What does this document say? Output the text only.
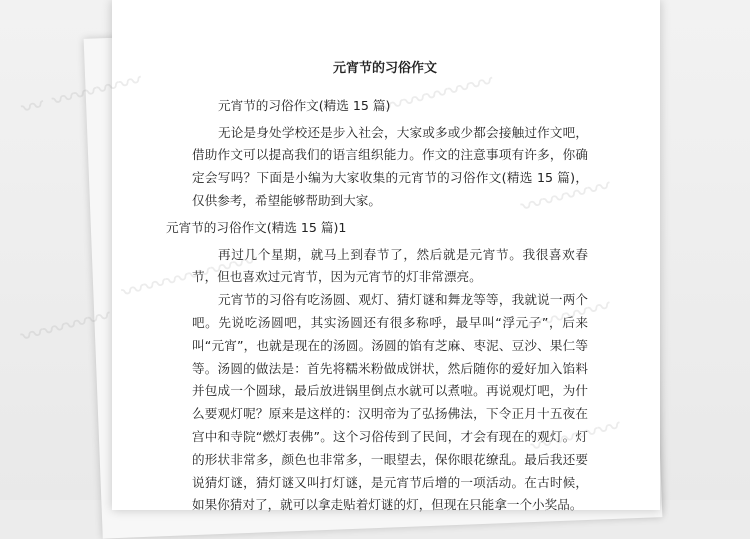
元宵节的习俗作文
元宵节的习俗作文(精选 15 篇)

无论是身处学校还是步入社会，大家或多或少都会接触过作文吧，借助作文可以提高我们的语言组织能力。作文的注意事项有许多，你确定会写吗？下面是小编为大家收集的元宵节的习俗作文(精选 15 篇)，仅供参考，希望能够帮助到大家。

元宵节的习俗作文(精选 15 篇)1

再过几个星期，就马上到春节了，然后就是元宵节。我很喜欢春节，但也喜欢过元宵节，因为元宵节的灯非常漂亮。

元宵节的习俗有吃汤圆、观灯、猜灯谜和舞龙等等，我就说一两个吧。先说吃汤圆吧，其实汤圆还有很多称呼，最早叫“浮元子”，后来叫“元宵”，也就是现在的汤圆。汤圆的馅有芝麻、枣泥、豆沙、果仁等等。汤圆的做法是：首先将糯米粉做成饼状，然后随你的爱好加入馅料并包成一个圆球，最后放进锅里倒点水就可以煮啦。再说观灯吧，为什么要观灯呢？原来是这样的：汉明帝为了弘扬佛法，下令正月十五夜在宫中和寺院“燃灯表佛”。这个习俗传到了民间，才会有现在的观灯。灯的形状非常多，颜色也非常多，一眼望去，保你眼花缭乱。最后我还要说猜灯谜，猜灯谜又叫打灯谜，是元宵节后增的一项活动。在古时候，如果你猜对了，就可以拿走贴着灯谜的灯，但现在只能拿一个小奖品。

〰 〰〰〰〰
〰〰〰〰
